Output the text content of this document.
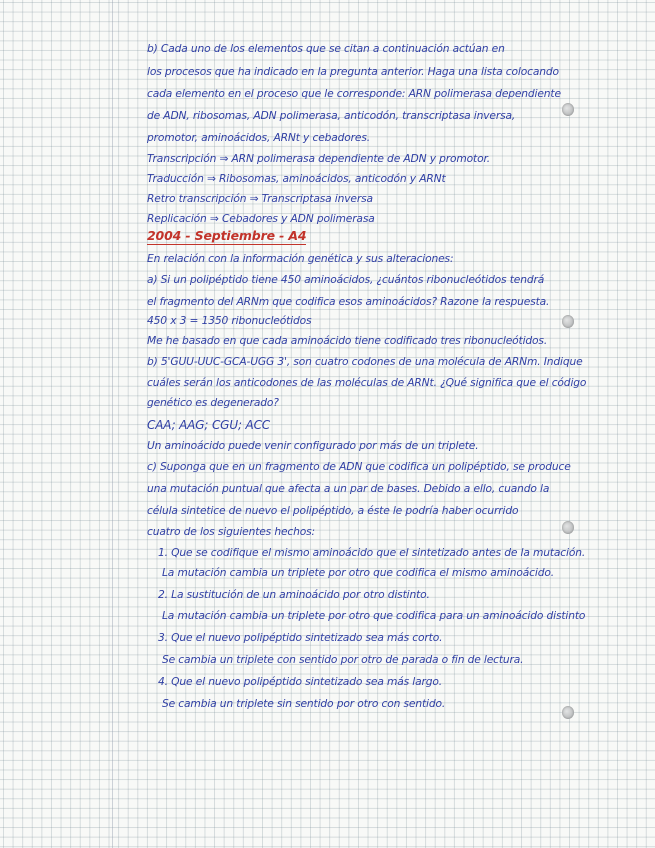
b) Cada uno de los elementos que se citan a continuación actúan en
los procesos que ha indicado en la pregunta anterior. Haga una lista colocando
cada elemento en el proceso que le corresponde: ARN polimerasa dependiente
de ADN, ribosomas, ADN polimerasa, anticodón, transcriptasa inversa,
promotor, aminoácidos, ARNt y cebadores.
Transcripción ⇒ ARN polimerasa dependiente de ADN y promotor.
Traducción ⇒ Ribosomas, aminoácidos, anticodón y ARNt
Retro transcripción ⇒ Transcriptasa inversa
Replicación ⇒ Cebadores y ADN polimerasa
2004 - Septiembre - A4
En relación con la información genética y sus alteraciones:
a) Si un polipéptido tiene 450 aminoácidos, ¿cuántos ribonucleótidos tendrá
el fragmento del ARNm que codifica esos aminoácidos? Razone la respuesta.
450 x 3 = 1350 ribonucleótidos
Me he basado en que cada aminoácido tiene codificado tres ribonucleótidos.
b) 5'GUU-UUC-GCA-UGG 3', son cuatro codones de una molécula de ARNm. Indique
cuáles serán los anticodones de las moléculas de ARNt. ¿Qué significa que el código
genético es degenerado?
CAA; AAG; CGU; ACC
Un aminoácido puede venir configurado por más de un triplete.
c) Suponga que en un fragmento de ADN que codifica un polipéptido, se produce
una mutación puntual que afecta a un par de bases. Debido a ello, cuando la
célula sintetice de nuevo el polipéptido, a éste le podría haber ocurrido
cuatro de los siguientes hechos:
1. Que se codifique el mismo aminoácido que el sintetizado antes de la mutación.
La mutación cambia un triplete por otro que codifica el mismo aminoácido.
2. La sustitución de un aminoácido por otro distinto.
La mutación cambia un triplete por otro que codifica para un aminoácido distinto
3. Que el nuevo polipéptido sintetizado sea más corto.
Se cambia un triplete con sentido por otro de parada o fin de lectura.
4. Que el nuevo polipéptido sintetizado sea más largo.
Se cambia un triplete sin sentido por otro con sentido.
